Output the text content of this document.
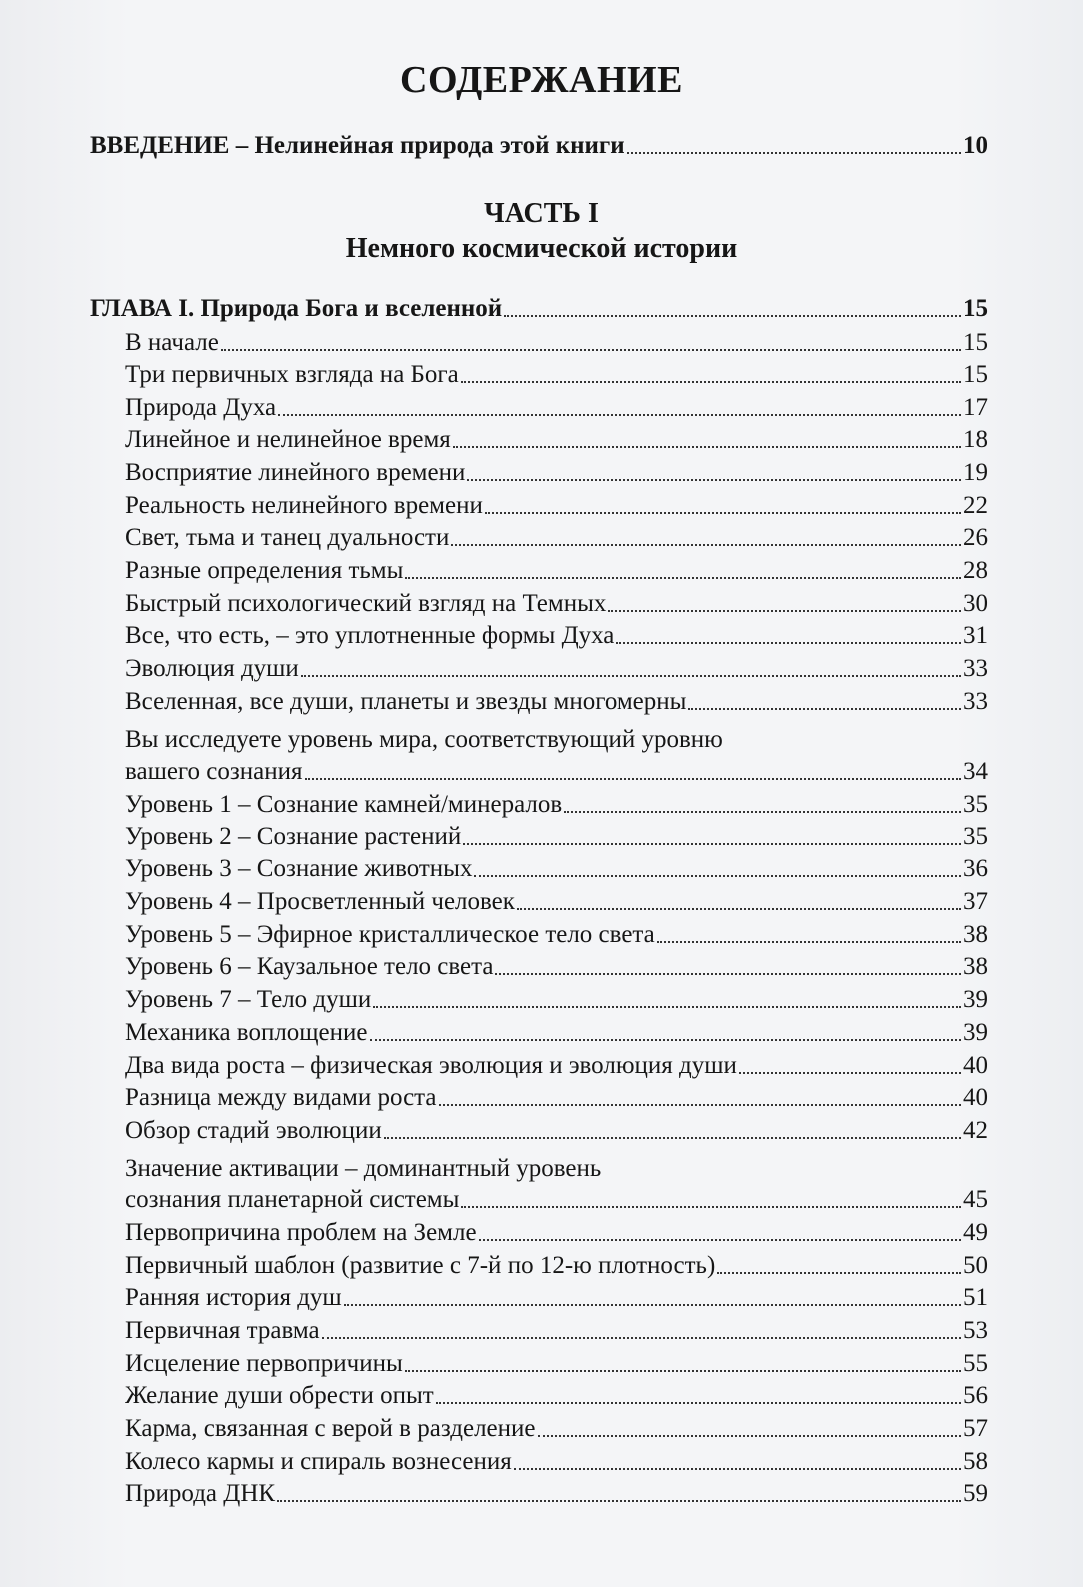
СОДЕРЖАНИЕ
ВВЕДЕНИЕ – Нелинейная природа этой книги	10
ЧАСТЬ I
Немного космической истории
ГЛАВА I. Природа Бога и вселенной	15
В начале	15
Три первичных взгляда на Бога	15
Природа Духа	17
Линейное и нелинейное время	18
Восприятие линейного времени	19
Реальность нелинейного времени	22
Свет, тьма и танец дуальности	26
Разные определения тьмы	28
Быстрый психологический взгляд на Темных	30
Все, что есть, – это уплотненные формы Духа	31
Эволюция души	33
Вселенная, все души, планеты и звезды многомерны	33
Вы исследуете уровень мира, соответствующий уровню
вашего сознания	34
Уровень 1 – Сознание камней/минералов	35
Уровень 2 – Сознание растений	35
Уровень 3 – Сознание животных	36
Уровень 4 – Просветленный человек	37
Уровень 5 – Эфирное кристаллическое тело света	38
Уровень 6 – Каузальное тело света	38
Уровень 7 – Тело души	39
Механика воплощение	39
Два вида роста – физическая эволюция и эволюция души	40
Разница между видами роста	40
Обзор стадий эволюции	42
Значение активации – доминантный уровень
сознания планетарной системы	45
Первопричина проблем на Земле	49
Первичный шаблон (развитие с 7-й по 12-ю плотность)	50
Ранняя история душ	51
Первичная травма	53
Исцеление первопричины	55
Желание души обрести опыт	56
Карма, связанная с верой в разделение	57
Колесо кармы и спираль вознесения	58
Природа ДНК	59
